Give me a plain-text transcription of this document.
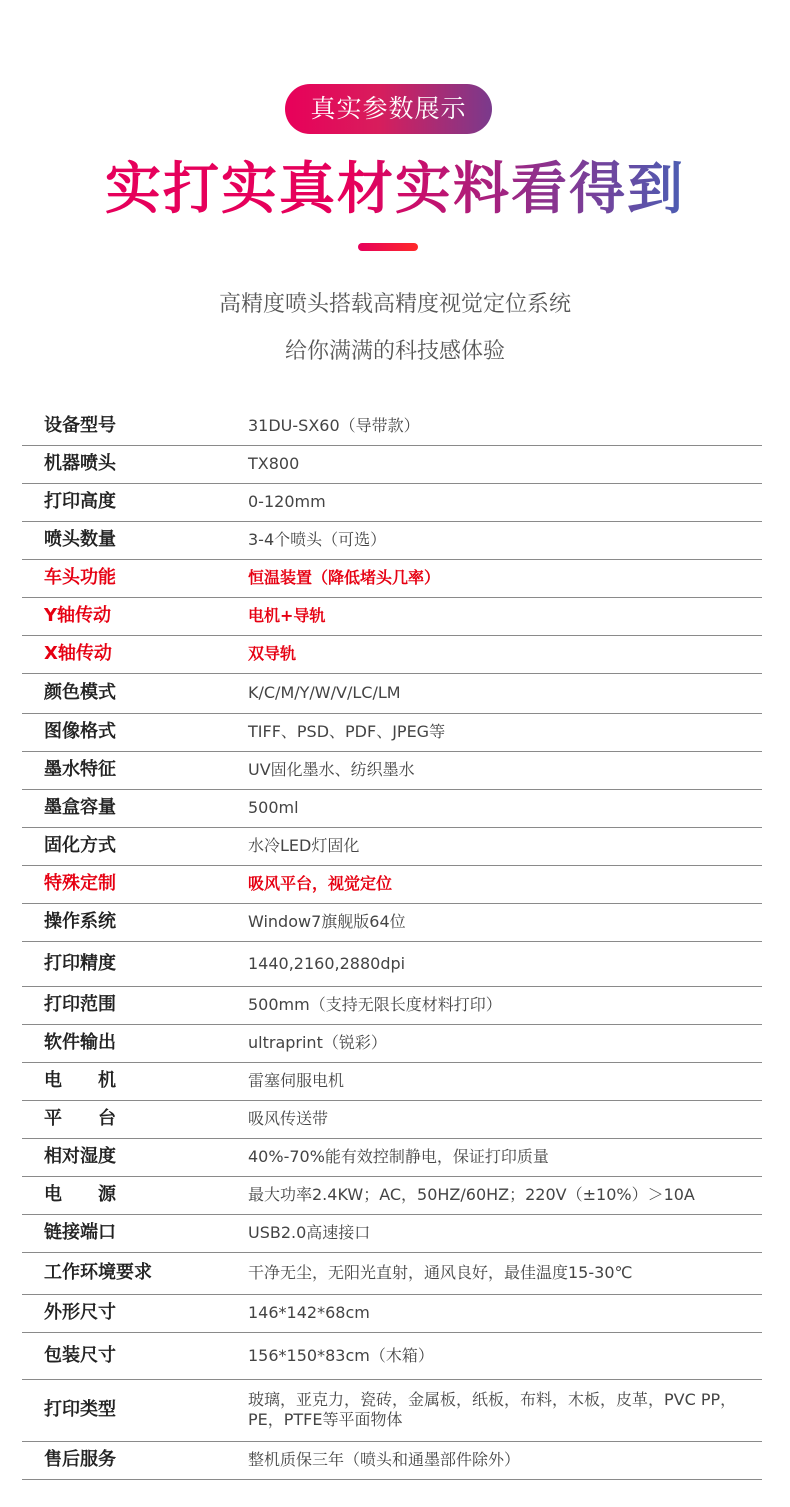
真实参数展示
实打实真材实料看得到
高精度喷头搭载高精度视觉定位系统
给你满满的科技感体验
设备型号	31DU-SX60（导带款）
机器喷头	TX800
打印高度	0-120mm
喷头数量	3-4个喷头（可选）
车头功能	恒温装置（降低堵头几率）
Y轴传动	电机+导轨
X轴传动	双导轨
颜色模式	K/C/M/Y/W/V/LC/LM
图像格式	TIFF、PSD、PDF、JPEG等
墨水特征	UV固化墨水、纺织墨水
墨盒容量	500ml
固化方式	水冷LED灯固化
特殊定制	吸风平台，视觉定位
操作系统	Window7旗舰版64位
打印精度	1440,2160,2880dpi
打印范围	500mm（支持无限长度材料打印）
软件输出	ultraprint（锐彩）
电　　机	雷塞伺服电机
平　　台	吸风传送带
相对湿度	40%-70%能有效控制静电，保证打印质量
电　　源	最大功率2.4KW；AC，50HZ/60HZ；220V（±10%）＞10A
链接端口	USB2.0高速接口
工作环境要求	干净无尘，无阳光直射，通风良好，最佳温度15-30℃
外形尺寸	146*142*68cm
包装尺寸	156*150*83cm（木箱）
打印类型	玻璃，亚克力，瓷砖，金属板，纸板，布料，木板，皮革，PVC PP，PE，PTFE等平面物体
售后服务	整机质保三年（喷头和通墨部件除外）
